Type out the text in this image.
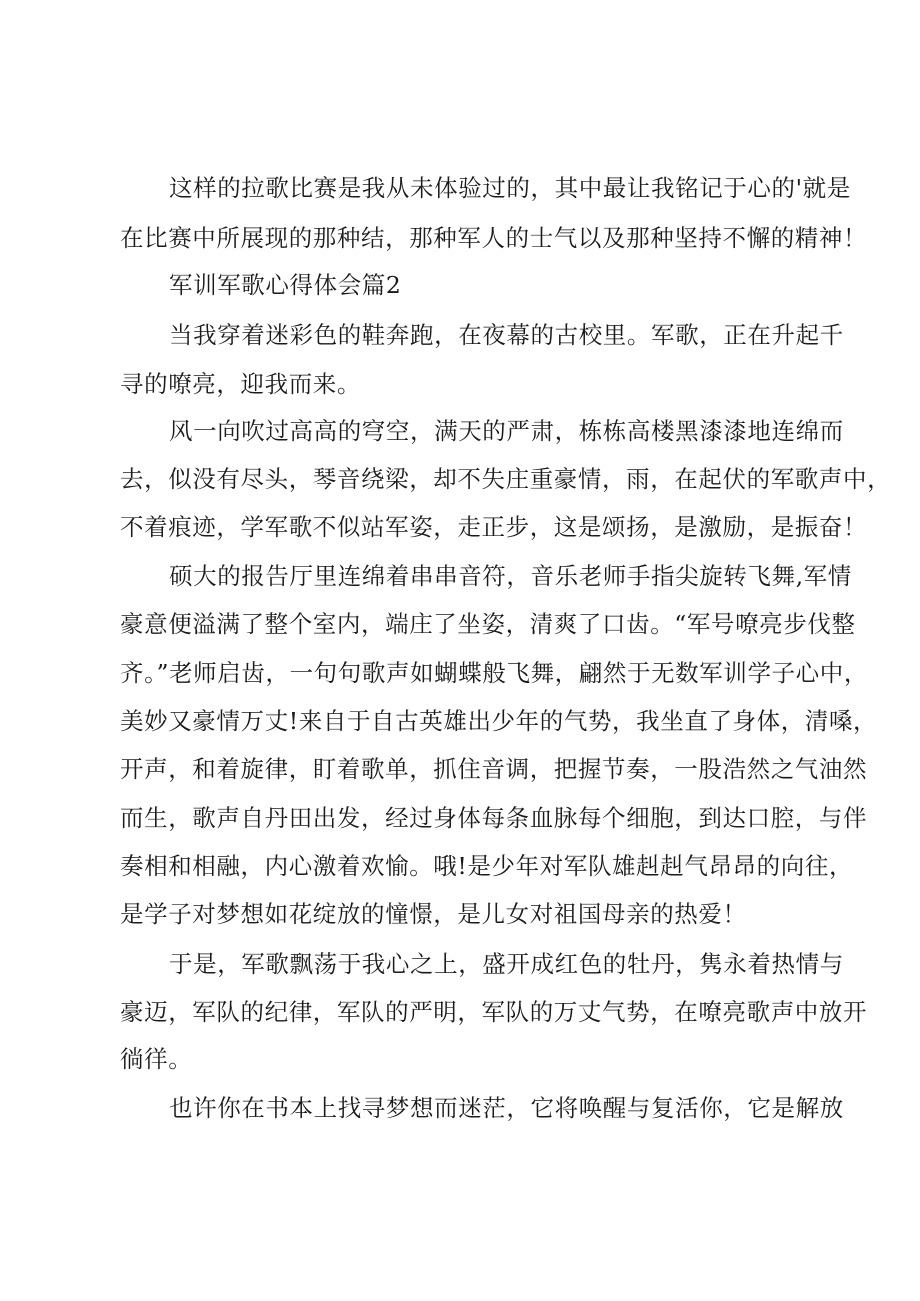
这样的拉歌比赛是我从未体验过的，其中最让我铭记于心的'就是
在比赛中所展现的那种结，那种军人的士气以及那种坚持不懈的精神！
军训军歌心得体会篇2
当我穿着迷彩色的鞋奔跑，在夜幕的古校里。军歌，正在升起千
寻的嘹亮，迎我而来。
风一向吹过高高的穹空，满天的严肃，栋栋高楼黑漆漆地连绵而
去，似没有尽头，琴音绕梁，却不失庄重豪情，雨，在起伏的军歌声中，
不着痕迹，学军歌不似站军姿，走正步，这是颂扬，是激励，是振奋！
硕大的报告厅里连绵着串串音符，音乐老师手指尖旋转飞舞,军情
豪意便溢满了整个室内，端庄了坐姿，清爽了口齿。“军号嘹亮步伐整
齐。”老师启齿，一句句歌声如蝴蝶般飞舞，翩然于无数军训学子心中，
美妙又豪情万丈!来自于自古英雄出少年的气势，我坐直了身体，清嗓，
开声，和着旋律，盯着歌单，抓住音调，把握节奏，一股浩然之气油然
而生，歌声自丹田出发，经过身体每条血脉每个细胞，到达口腔，与伴
奏相和相融，内心激着欢愉。哦!是少年对军队雄赳赳气昂昂的向往，
是学子对梦想如花绽放的憧憬，是儿女对祖国母亲的热爱！
于是，军歌飘荡于我心之上，盛开成红色的牡丹，隽永着热情与
豪迈，军队的纪律，军队的严明，军队的万丈气势，在嘹亮歌声中放开
徜徉。
也许你在书本上找寻梦想而迷茫，它将唤醒与复活你，它是解放
